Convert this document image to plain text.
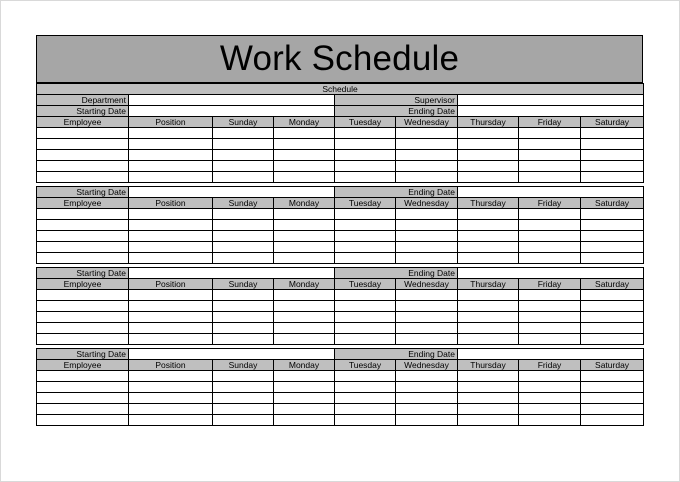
Work Schedule
Schedule								
Department				Supervisor				
Starting Date				Ending Date				
Employee	Position	Sunday	Monday	Tuesday	Wednesday	Thursday	Friday	Saturday

Starting Date				Ending Date				
Employee	Position	Sunday	Monday	Tuesday	Wednesday	Thursday	Friday	Saturday

Starting Date				Ending Date				
Employee	Position	Sunday	Monday	Tuesday	Wednesday	Thursday	Friday	Saturday

Starting Date				Ending Date				
Employee	Position	Sunday	Monday	Tuesday	Wednesday	Thursday	Friday	Saturday
